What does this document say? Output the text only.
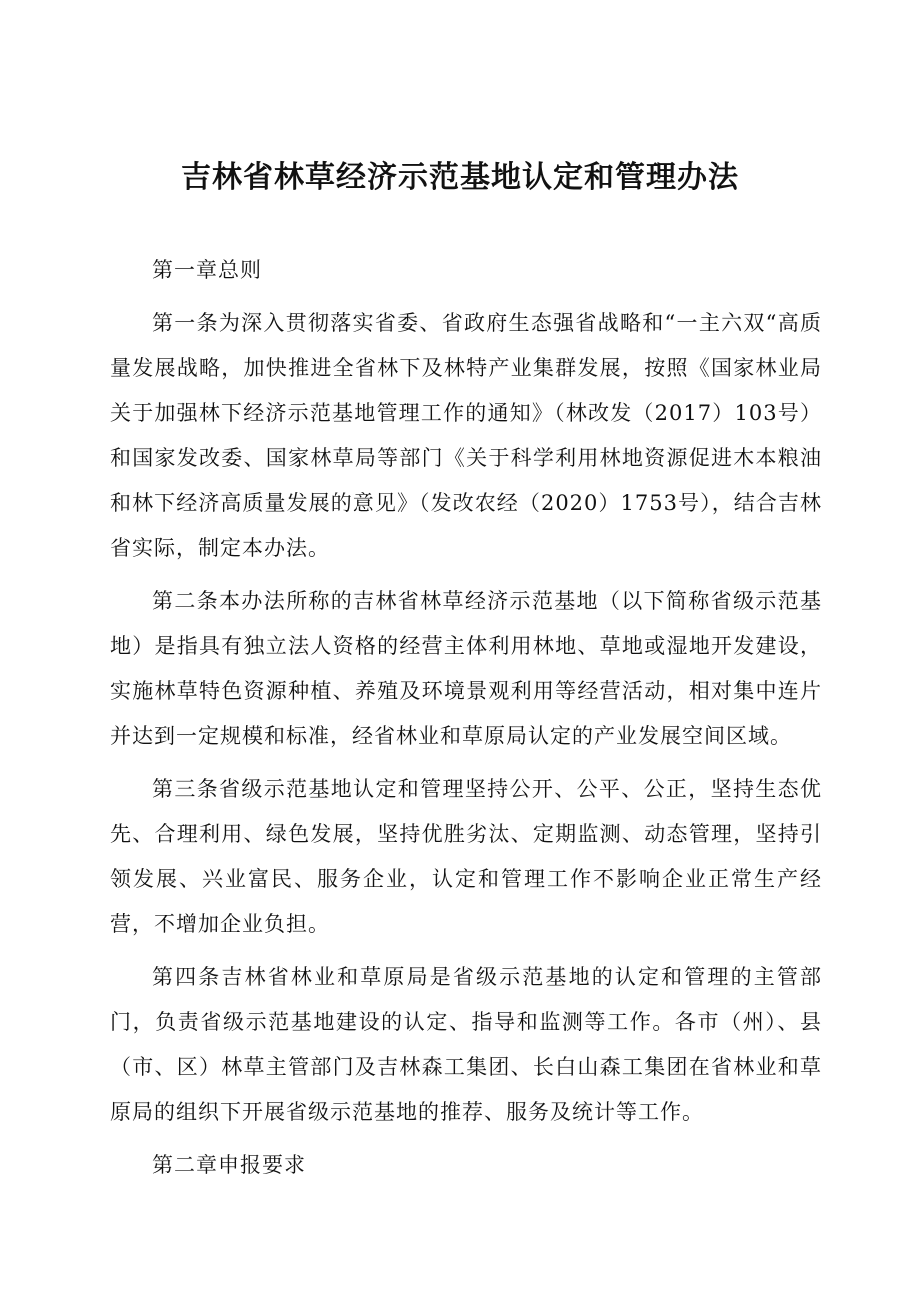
吉林省林草经济示范基地认定和管理办法

第一章总则

第一条为深入贯彻落实省委、省政府生态强省战略和“一主六双“高质量发展战略，加快推进全省林下及林特产业集群发展，按照《国家林业局关于加强林下经济示范基地管理工作的通知》（林改发（2017）103号）和国家发改委、国家林草局等部门《关于科学利用林地资源促进木本粮油和林下经济高质量发展的意见》（发改农经（2020）1753号），结合吉林省实际，制定本办法。

第二条本办法所称的吉林省林草经济示范基地（以下简称省级示范基地）是指具有独立法人资格的经营主体利用林地、草地或湿地开发建设，实施林草特色资源种植、养殖及环境景观利用等经营活动，相对集中连片并达到一定规模和标准，经省林业和草原局认定的产业发展空间区域。

第三条省级示范基地认定和管理坚持公开、公平、公正，坚持生态优先、合理利用、绿色发展，坚持优胜劣汰、定期监测、动态管理，坚持引领发展、兴业富民、服务企业，认定和管理工作不影响企业正常生产经营，不增加企业负担。

第四条吉林省林业和草原局是省级示范基地的认定和管理的主管部门，负责省级示范基地建设的认定、指导和监测等工作。各市（州）、县（市、区）林草主管部门及吉林森工集团、长白山森工集团在省林业和草原局的组织下开展省级示范基地的推荐、服务及统计等工作。

第二章申报要求
